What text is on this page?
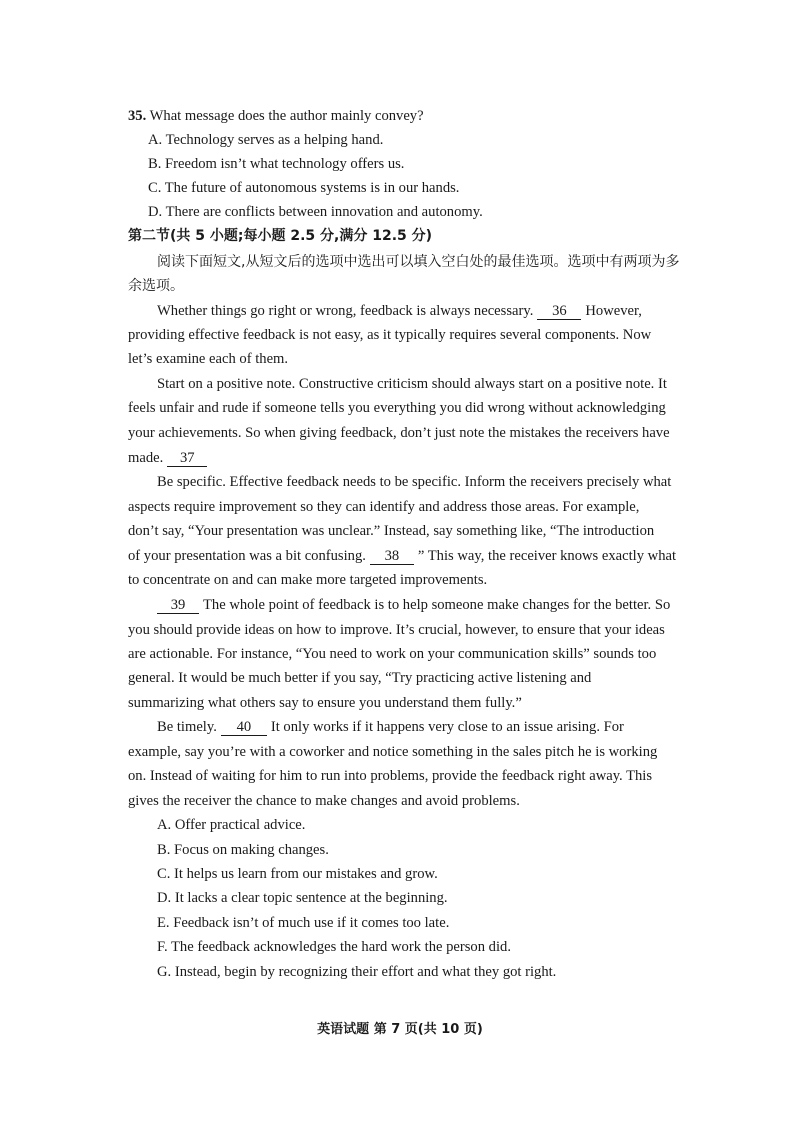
35. What message does the author mainly convey?
A. Technology serves as a helping hand.
B. Freedom isn’t what technology offers us.
C. The future of autonomous systems is in our hands.
D. There are conflicts between innovation and autonomy.
第二节(共 5 小题;每小题 2.5 分,满分 12.5 分)
阅读下面短文,从短文后的选项中选出可以填入空白处的最佳选项。选项中有两项为多
余选项。
Whether things go right or wrong, feedback is always necessary. 36 However,
providing effective feedback is not easy, as it typically requires several components. Now
let’s examine each of them.
Start on a positive note. Constructive criticism should always start on a positive note. It
feels unfair and rude if someone tells you everything you did wrong without acknowledging
your achievements. So when giving feedback, don’t just note the mistakes the receivers have
made. 37
Be specific. Effective feedback needs to be specific. Inform the receivers precisely what
aspects require improvement so they can identify and address those areas. For example,
don’t say, “Your presentation was unclear.” Instead, say something like, “The introduction
of your presentation was a bit confusing. 38 ” This way, the receiver knows exactly what
to concentrate on and can make more targeted improvements.
39 The whole point of feedback is to help someone make changes for the better. So
you should provide ideas on how to improve. It’s crucial, however, to ensure that your ideas
are actionable. For instance, “You need to work on your communication skills” sounds too
general. It would be much better if you say, “Try practicing active listening and
summarizing what others say to ensure you understand them fully.”
Be timely. 40 It only works if it happens very close to an issue arising. For
example, say you’re with a coworker and notice something in the sales pitch he is working
on. Instead of waiting for him to run into problems, provide the feedback right away. This
gives the receiver the chance to make changes and avoid problems.
A. Offer practical advice.
B. Focus on making changes.
C. It helps us learn from our mistakes and grow.
D. It lacks a clear topic sentence at the beginning.
E. Feedback isn’t of much use if it comes too late.
F. The feedback acknowledges the hard work the person did.
G. Instead, begin by recognizing their effort and what they got right.
英语试题 第 7 页(共 10 页)
